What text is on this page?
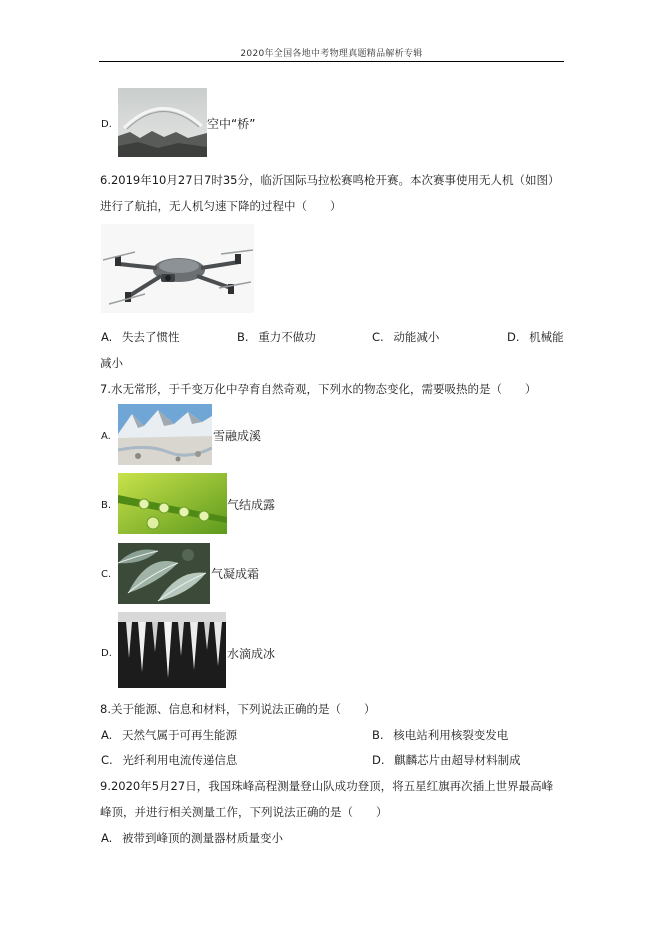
2020年全国各地中考物理真题精品解析专辑
D.	空中“桥”
6.2019年10月27日7时35分，临沂国际马拉松赛鸣枪开赛。本次赛事使用无人机（如图）
进行了航拍，无人机匀速下降的过程中（　　）
A. 失去了惯性	B. 重力不做功	C. 动能减小	D. 机械能
减小
7.水无常形，于千变万化中孕育自然奇观，下列水的物态变化，需要吸热的是（　　）
A.	雪融成溪
B.	气结成露
C.	气凝成霜
D.	水滴成冰
8.关于能源、信息和材料，下列说法正确的是（　　）
A. 天然气属于可再生能源	B. 核电站利用核裂变发电
C. 光纤利用电流传递信息	D. 麒麟芯片由超导材料制成
9.2020年5月27日，我国珠峰高程测量登山队成功登顶，将五星红旗再次插上世界最高峰
峰顶，并进行相关测量工作，下列说法正确的是（　　）
A. 被带到峰顶的测量器材质量变小
